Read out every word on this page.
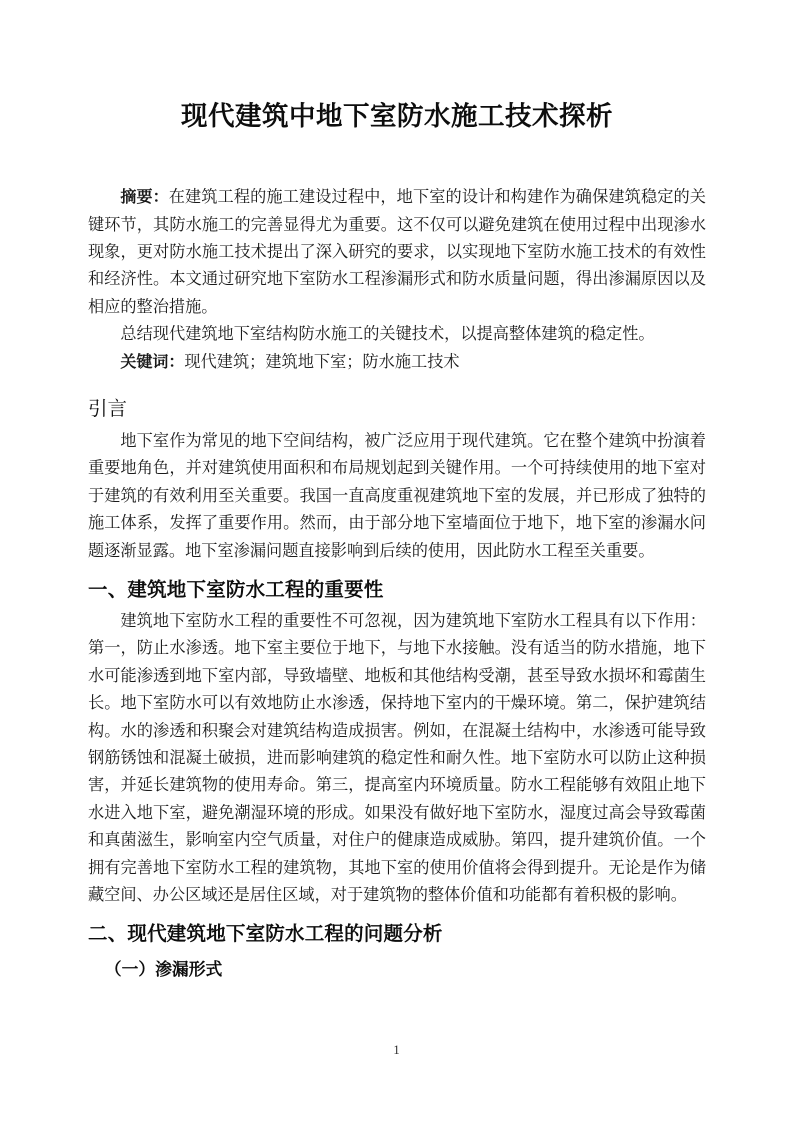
现代建筑中地下室防水施工技术探析

摘要：在建筑工程的施工建设过程中，地下室的设计和构建作为确保建筑稳定的关键环节，其防水施工的完善显得尤为重要。这不仅可以避免建筑在使用过程中出现渗水现象，更对防水施工技术提出了深入研究的要求，以实现地下室防水施工技术的有效性和经济性。本文通过研究地下室防水工程渗漏形式和防水质量问题，得出渗漏原因以及相应的整治措施。

总结现代建筑地下室结构防水施工的关键技术，以提高整体建筑的稳定性。

关键词：现代建筑；建筑地下室；防水施工技术

引言

地下室作为常见的地下空间结构，被广泛应用于现代建筑。它在整个建筑中扮演着重要地角色，并对建筑使用面积和布局规划起到关键作用。一个可持续使用的地下室对于建筑的有效利用至关重要。我国一直高度重视建筑地下室的发展，并已形成了独特的施工体系，发挥了重要作用。然而，由于部分地下室墙面位于地下，地下室的渗漏水问题逐渐显露。地下室渗漏问题直接影响到后续的使用，因此防水工程至关重要。

一、建筑地下室防水工程的重要性

建筑地下室防水工程的重要性不可忽视，因为建筑地下室防水工程具有以下作用：第一，防止水渗透。地下室主要位于地下，与地下水接触。没有适当的防水措施，地下水可能渗透到地下室内部，导致墙壁、地板和其他结构受潮，甚至导致水损坏和霉菌生长。地下室防水可以有效地防止水渗透，保持地下室内的干燥环境。第二，保护建筑结构。水的渗透和积聚会对建筑结构造成损害。例如，在混凝土结构中，水渗透可能导致钢筋锈蚀和混凝土破损，进而影响建筑的稳定性和耐久性。地下室防水可以防止这种损害，并延长建筑物的使用寿命。第三，提高室内环境质量。防水工程能够有效阻止地下水进入地下室，避免潮湿环境的形成。如果没有做好地下室防水，湿度过高会导致霉菌和真菌滋生，影响室内空气质量，对住户的健康造成威胁。第四，提升建筑价值。一个拥有完善地下室防水工程的建筑物，其地下室的使用价值将会得到提升。无论是作为储藏空间、办公区域还是居住区域，对于建筑物的整体价值和功能都有着积极的影响。

二、现代建筑地下室防水工程的问题分析
（一）渗漏形式
1
